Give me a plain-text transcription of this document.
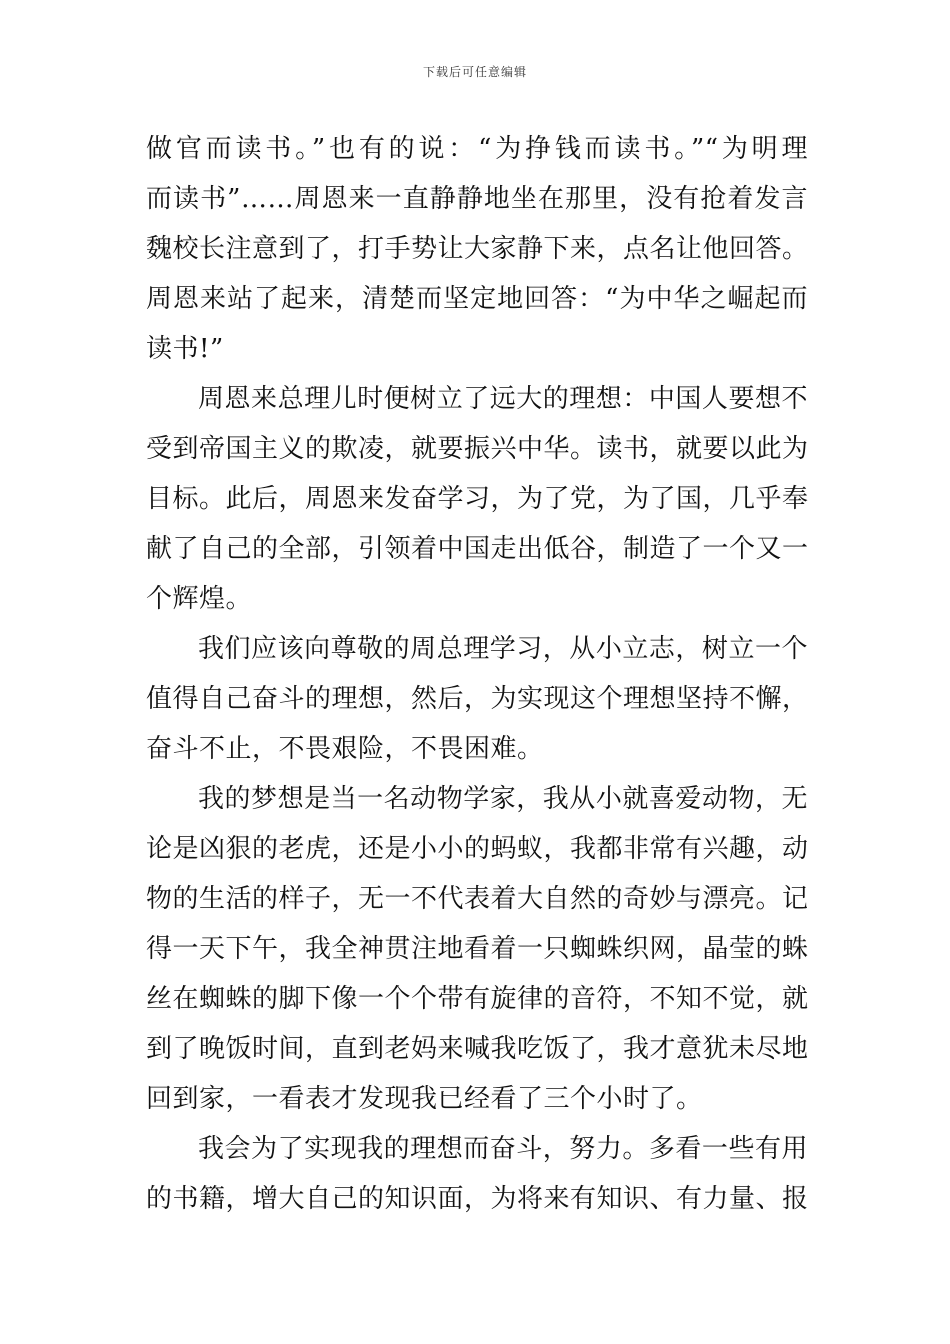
下载后可任意编辑
做官而读书。”也有的说：“为挣钱而读书。”“为明理
而读书”……周恩来一直静静地坐在那里，没有抢着发言
魏校长注意到了，打手势让大家静下来，点名让他回答。
周恩来站了起来，清楚而坚定地回答：“为中华之崛起而
读书!”
周恩来总理儿时便树立了远大的理想：中国人要想不
受到帝国主义的欺凌，就要振兴中华。读书，就要以此为
目标。此后，周恩来发奋学习，为了党，为了国，几乎奉
献了自己的全部，引领着中国走出低谷，制造了一个又一
个辉煌。
我们应该向尊敬的周总理学习，从小立志，树立一个
值得自己奋斗的理想，然后，为实现这个理想坚持不懈，
奋斗不止，不畏艰险，不畏困难。
我的梦想是当一名动物学家，我从小就喜爱动物，无
论是凶狠的老虎，还是小小的蚂蚁，我都非常有兴趣，动
物的生活的样子，无一不代表着大自然的奇妙与漂亮。记
得一天下午，我全神贯注地看着一只蜘蛛织网，晶莹的蛛
丝在蜘蛛的脚下像一个个带有旋律的音符，不知不觉，就
到了晚饭时间，直到老妈来喊我吃饭了，我才意犹未尽地
回到家，一看表才发现我已经看了三个小时了。
我会为了实现我的理想而奋斗，努力。多看一些有用
的书籍，增大自己的知识面，为将来有知识、有力量、报
